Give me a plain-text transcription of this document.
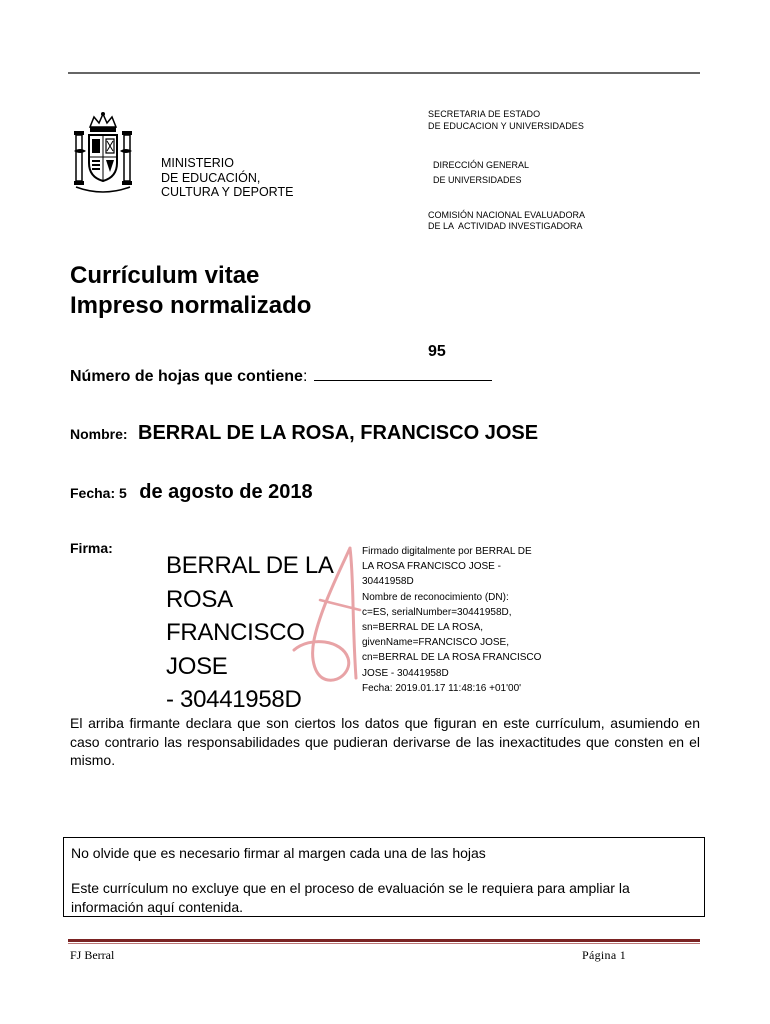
SECRETARIA DE ESTADO
DE EDUCACION Y UNIVERSIDADES
DIRECCIÓN GENERAL
DE UNIVERSIDADES
COMISIÓN NACIONAL EVALUADORA
DE LA  ACTIVIDAD INVESTIGADORA
MINISTERIO
DE EDUCACIÓN,
CULTURA Y DEPORTE
Currículum vitae
Impreso normalizado
95
Número de hojas que contiene:
Nombre: BERRAL DE LA ROSA, FRANCISCO JOSE
Fecha: 5 de agosto de 2018
Firma:
BERRAL DE LA
ROSA
FRANCISCO JOSE
- 30441958D
Firmado digitalmente por BERRAL DE
LA ROSA FRANCISCO JOSE -
30441958D
Nombre de reconocimiento (DN):
c=ES, serialNumber=30441958D,
sn=BERRAL DE LA ROSA,
givenName=FRANCISCO JOSE,
cn=BERRAL DE LA ROSA FRANCISCO
JOSE - 30441958D
Fecha: 2019.01.17 11:48:16 +01'00'
El arriba firmante declara que son ciertos los datos que figuran en este currículum, asumiendo en caso contrario las responsabilidades que pudieran derivarse de las inexactitudes que consten en el mismo.
No olvide que es necesario firmar al margen cada una de las hojas
Este currículum no excluye que en el proceso de evaluación se le requiera para ampliar la información aquí contenida.
FJ Berral	Página 1
